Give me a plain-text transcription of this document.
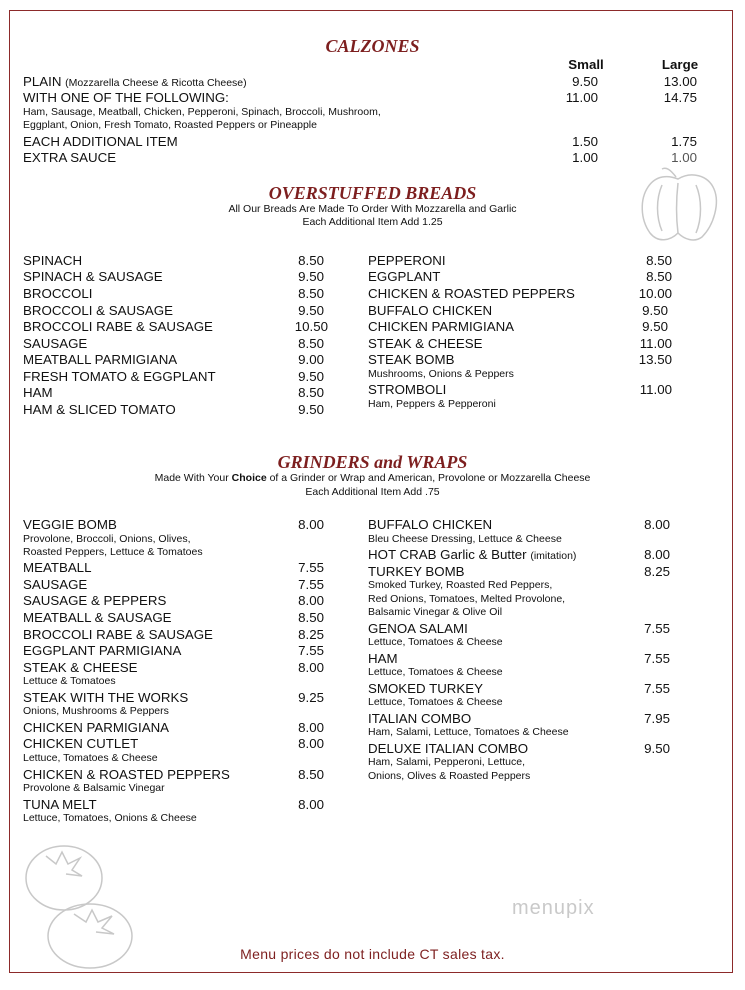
CALZONES
Small	Large
PLAIN (Mozzarella Cheese & Ricotta Cheese)	9.50	13.00
WITH ONE OF THE FOLLOWING:	11.00	14.75
Ham, Sausage, Meatball, Chicken, Pepperoni, Spinach, Broccoli, Mushroom,
Eggplant, Onion, Fresh Tomato, Roasted Peppers or Pineapple
EACH ADDITIONAL ITEM	1.50	1.75
EXTRA SAUCE	1.00	1.00
OVERSTUFFED BREADS
All Our Breads Are Made To Order With Mozzarella and Garlic
Each Additional Item Add 1.25
SPINACH	8.50
SPINACH & SAUSAGE	9.50
BROCCOLI	8.50
BROCCOLI & SAUSAGE	9.50
BROCCOLI RABE & SAUSAGE	10.50
SAUSAGE	8.50
MEATBALL PARMIGIANA	9.00
FRESH TOMATO & EGGPLANT	9.50
HAM	8.50
HAM & SLICED TOMATO	9.50
PEPPERONI	8.50
EGGPLANT	8.50
CHICKEN & ROASTED PEPPERS	10.00
BUFFALO CHICKEN	9.50
CHICKEN PARMIGIANA	9.50
STEAK & CHEESE	11.00
STEAK BOMB	13.50
Mushrooms, Onions & Peppers
STROMBOLI	11.00
Ham, Peppers & Pepperoni
GRINDERS and WRAPS
Made With Your Choice of a Grinder or Wrap and American, Provolone or Mozzarella Cheese
Each Additional Item Add .75
VEGGIE BOMB	8.00
Provolone, Broccoli, Onions, Olives,
Roasted Peppers, Lettuce & Tomatoes
MEATBALL	7.55
SAUSAGE	7.55
SAUSAGE & PEPPERS	8.00
MEATBALL & SAUSAGE	8.50
BROCCOLI RABE & SAUSAGE	8.25
EGGPLANT PARMIGIANA	7.55
STEAK & CHEESE	8.00
Lettuce & Tomatoes
STEAK WITH THE WORKS	9.25
Onions, Mushrooms & Peppers
CHICKEN PARMIGIANA	8.00
CHICKEN CUTLET	8.00
Lettuce, Tomatoes & Cheese
CHICKEN & ROASTED PEPPERS	8.50
Provolone & Balsamic Vinegar
TUNA MELT	8.00
Lettuce, Tomatoes, Onions & Cheese
BUFFALO CHICKEN	8.00
Bleu Cheese Dressing, Lettuce & Cheese
HOT CRAB Garlic & Butter (imitation)	8.00
TURKEY BOMB	8.25
Smoked Turkey, Roasted Red Peppers,
Red Onions, Tomatoes, Melted Provolone,
Balsamic Vinegar & Olive Oil
GENOA SALAMI	7.55
Lettuce, Tomatoes & Cheese
HAM	7.55
Lettuce, Tomatoes & Cheese
SMOKED TURKEY	7.55
Lettuce, Tomatoes & Cheese
ITALIAN COMBO	7.95
Ham, Salami, Lettuce, Tomatoes & Cheese
DELUXE ITALIAN COMBO	9.50
Ham, Salami, Pepperoni, Lettuce,
Onions, Olives & Roasted Peppers
menupix
Menu prices do not include CT sales tax.
